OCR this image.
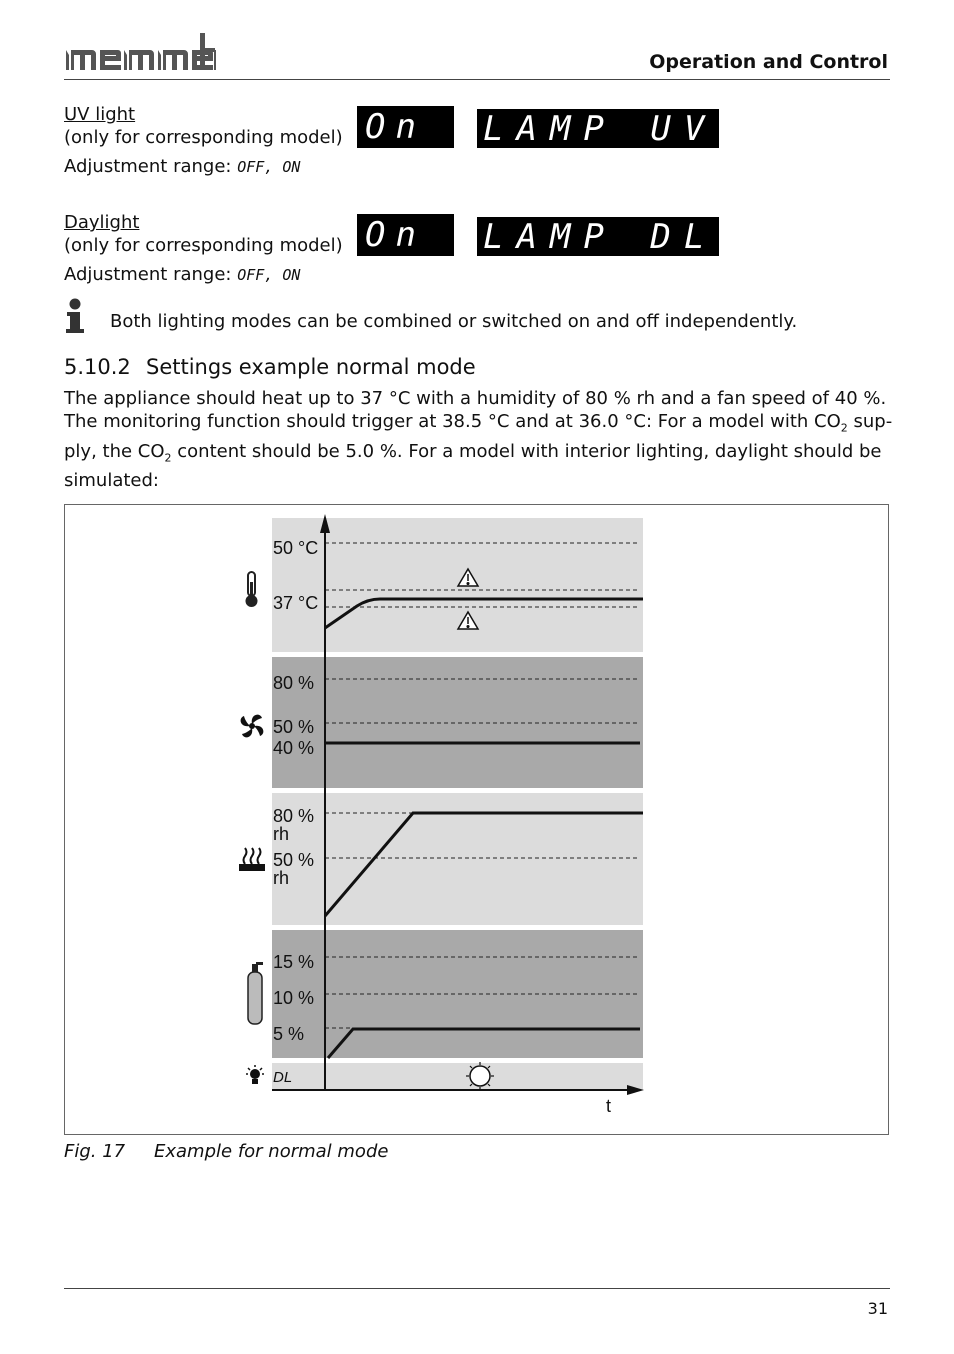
Operation and Control
UV light
(only for corresponding model)
Adjustment range: OFF, ON
On LAMP UV
Daylight
(only for corresponding model)
Adjustment range: OFF, ON
On LAMP DL
Both lighting modes can be combined or switched on and off independently.
5.10.2 Settings example normal mode
The appliance should heat up to 37 °C with a humidity of 80 % rh and a fan speed of 40 %.
The monitoring function should trigger at 38.5 °C and at 36.0 °C: For a model with $CO_2$ sup-
ply, the $CO_2$ content should be 5.0 %. For a model with interior lighting, daylight should be
simulated:
50 °C
37 °C
80 %
50 %
40 %
80 %
rh
50 %
rh
15 %
10 %
5 %
t
DL
Fig. 17 Example for normal mode
31
